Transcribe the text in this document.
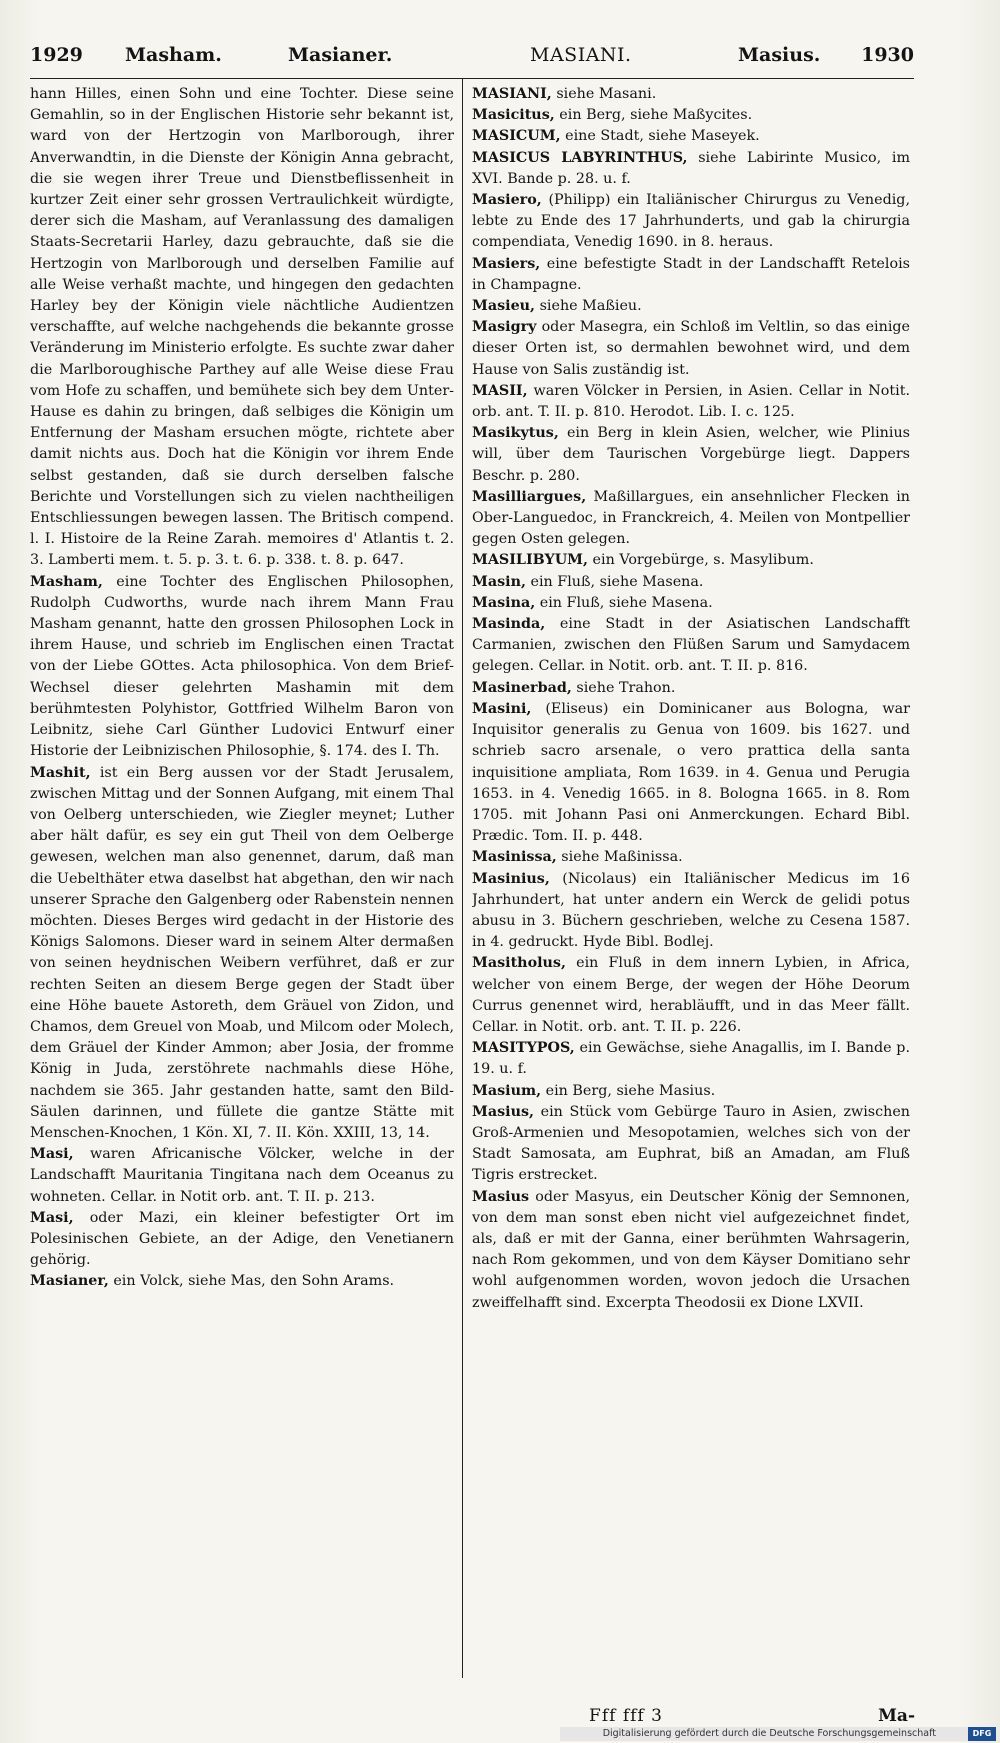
1929 Masham.	Masianer.	MASIANI.	Masius. 1930

hann Hilles, einen Sohn und eine Tochter. Diese seine Gemahlin, so in der Englischen Historie sehr bekannt ist, ward von der Hertzogin von Marlborough, ihrer Anverwandtin, in die Dienste der Königin Anna gebracht, die sie wegen ihrer Treue und Dienstbeflissenheit in kurtzer Zeit einer sehr grossen Vertraulichkeit würdigte, derer sich die Masham, auf Veranlassung des damaligen Staats-Secretarii Harley, dazu gebrauchte, daß sie die Hertzogin von Marlborough und derselben Familie auf alle Weise verhaßt machte, und hingegen den gedachten Harley bey der Königin viele nächtliche Audientzen verschaffte, auf welche nachgehends die bekannte grosse Veränderung im Ministerio erfolgte. Es suchte zwar daher die Marlboroughische Parthey auf alle Weise diese Frau vom Hofe zu schaffen, und bemühete sich bey dem Unter-Hause es dahin zu bringen, daß selbiges die Königin um Entfernung der Masham ersuchen mögte, richtete aber damit nichts aus. Doch hat die Königin vor ihrem Ende selbst gestanden, daß sie durch derselben falsche Berichte und Vorstellungen sich zu vielen nachtheiligen Entschliessungen bewegen lassen. The Britisch compend. l. I. Histoire de la Reine Zarah. memoires d' Atlantis t. 2. 3. Lamberti mem. t. 5. p. 3. t. 6. p. 338. t. 8. p. 647.

Masham, eine Tochter des Englischen Philosophen, Rudolph Cudworths, wurde nach ihrem Mann Frau Masham genannt, hatte den grossen Philosophen Lock in ihrem Hause, und schrieb im Englischen einen Tractat von der Liebe GOttes. Acta philosophica. Von dem Brief-Wechsel dieser gelehrten Mashamin mit dem berühmtesten Polyhistor, Gottfried Wilhelm Baron von Leibnitz, siehe Carl Günther Ludovici Entwurf einer Historie der Leibnizischen Philosophie, §. 174. des I. Th.

Mashit, ist ein Berg aussen vor der Stadt Jerusalem, zwischen Mittag und der Sonnen Aufgang, mit einem Thal von Oelberg unterschieden, wie Ziegler meynet; Luther aber hält dafür, es sey ein gut Theil von dem Oelberge gewesen, welchen man also genennet, darum, daß man die Uebelthäter etwa daselbst hat abgethan, den wir nach unserer Sprache den Galgenberg oder Rabenstein nennen möchten. Dieses Berges wird gedacht in der Historie des Königs Salomons. Dieser ward in seinem Alter dermaßen von seinen heydnischen Weibern verführet, daß er zur rechten Seiten an diesem Berge gegen der Stadt über eine Höhe bauete Astoreth, dem Gräuel von Zidon, und Chamos, dem Greuel von Moab, und Milcom oder Molech, dem Gräuel der Kinder Ammon; aber Josia, der fromme König in Juda, zerstöhrete nachmahls diese Höhe, nachdem sie 365. Jahr gestanden hatte, samt den Bild-Säulen darinnen, und füllete die gantze Stätte mit Menschen-Knochen, 1 Kön. XI, 7. II. Kön. XXIII, 13, 14.

Masi, waren Africanische Völcker, welche in der Landschafft Mauritania Tingitana nach dem Oceanus zu wohneten. Cellar. in Notit orb. ant. T. II. p. 213.

Masi, oder Mazi, ein kleiner befestigter Ort im Polesinischen Gebiete, an der Adige, den Venetianern gehörig.

Masianer, ein Volck, siehe Mas, den Sohn Arams.

MASIANI, siehe Masani.

Masicitus, ein Berg, siehe Maßycites.

MASICUM, eine Stadt, siehe Maseyek.

MASICUS LABYRINTHUS, siehe Labirinte Musico, im XVI. Bande p. 28. u. f.

Masiero, (Philipp) ein Italiänischer Chirurgus zu Venedig, lebte zu Ende des 17 Jahrhunderts, und gab la chirurgia compendiata, Venedig 1690. in 8. heraus.

Masiers, eine befestigte Stadt in der Landschafft Retelois in Champagne.

Masieu, siehe Maßieu.

Masigry oder Masegra, ein Schloß im Veltlin, so das einige dieser Orten ist, so dermahlen bewohnet wird, und dem Hause von Salis zuständig ist.

MASII, waren Völcker in Persien, in Asien. Cellar in Notit. orb. ant. T. II. p. 810. Herodot. Lib. I. c. 125.

Masikytus, ein Berg in klein Asien, welcher, wie Plinius will, über dem Taurischen Vorgebürge liegt. Dappers Beschr. p. 280.

Masilliargues, Maßillargues, ein ansehnlicher Flecken in Ober-Languedoc, in Franckreich, 4. Meilen von Montpellier gegen Osten gelegen.

MASILIBYUM, ein Vorgebürge, s. Masylibum.

Masin, ein Fluß, siehe Masena.

Masina, ein Fluß, siehe Masena.

Masinda, eine Stadt in der Asiatischen Landschafft Carmanien, zwischen den Flüßen Sarum und Samydacem gelegen. Cellar. in Notit. orb. ant. T. II. p. 816.

Masinerbad, siehe Trahon.

Masini, (Eliseus) ein Dominicaner aus Bologna, war Inquisitor generalis zu Genua von 1609. bis 1627. und schrieb sacro arsenale, o vero prattica della santa inquisitione ampliata, Rom 1639. in 4. Genua und Perugia 1653. in 4. Venedig 1665. in 8. Bologna 1665. in 8. Rom 1705. mit Johann Pasi oni Anmerckungen. Echard Bibl. Prædic. Tom. II. p. 448.

Masinissa, siehe Maßinissa.

Masinius, (Nicolaus) ein Italiänischer Medicus im 16 Jahrhundert, hat unter andern ein Werck de gelidi potus abusu in 3. Büchern geschrieben, welche zu Cesena 1587. in 4. gedruckt. Hyde Bibl. Bodlej.

Masitholus, ein Fluß in dem innern Lybien, in Africa, welcher von einem Berge, der wegen der Höhe Deorum Currus genennet wird, herabläufft, und in das Meer fällt. Cellar. in Notit. orb. ant. T. II. p. 226.

MASITYPOS, ein Gewächse, siehe Anagallis, im I. Bande p. 19. u. f.

Masium, ein Berg, siehe Masius.

Masius, ein Stück vom Gebürge Tauro in Asien, zwischen Groß-Armenien und Mesopotamien, welches sich von der Stadt Samosata, am Euphrat, biß an Amadan, am Fluß Tigris erstrecket.

Masius oder Masyus, ein Deutscher König der Semnonen, von dem man sonst eben nicht viel aufgezeichnet findet, als, daß er mit der Ganna, einer berühmten Wahrsagerin, nach Rom gekommen, und von dem Käyser Domitiano sehr wohl aufgenommen worden, wovon jedoch die Ursachen zweiffelhafft sind. Excerpta Theodosii ex Dione LXVII.

Fff fff 3	Ma-
Digitalisierung gefördert durch die Deutsche Forschungsgemeinschaft	DFG
